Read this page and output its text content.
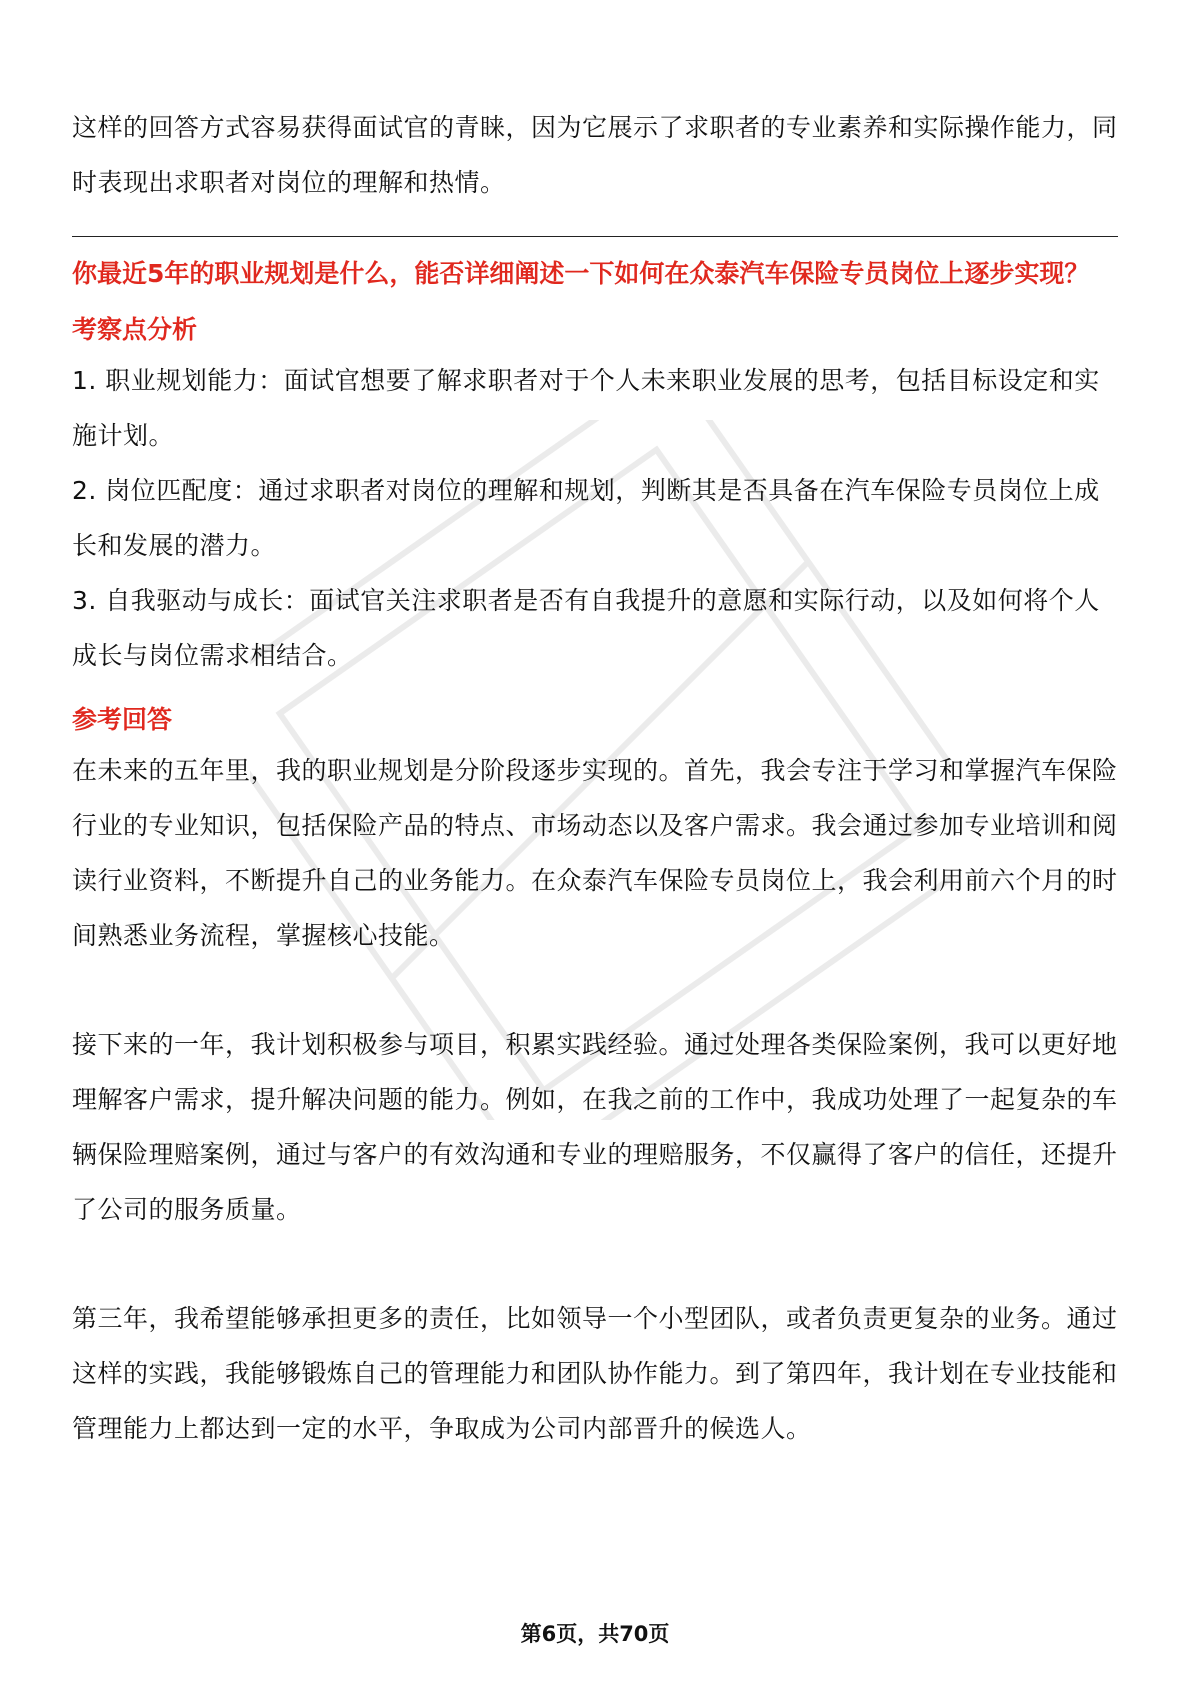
这样的回答方式容易获得面试官的青睐，因为它展示了求职者的专业素养和实际操作能力，同时表现出求职者对岗位的理解和热情。

你最近5年的职业规划是什么，能否详细阐述一下如何在众泰汽车保险专员岗位上逐步实现？

考察点分析

1. 职业规划能力：面试官想要了解求职者对于个人未来职业发展的思考，包括目标设定和实施计划。

2. 岗位匹配度：通过求职者对岗位的理解和规划，判断其是否具备在汽车保险专员岗位上成长和发展的潜力。

3. 自我驱动与成长：面试官关注求职者是否有自我提升的意愿和实际行动，以及如何将个人成长与岗位需求相结合。

参考回答

在未来的五年里，我的职业规划是分阶段逐步实现的。首先，我会专注于学习和掌握汽车保险行业的专业知识，包括保险产品的特点、市场动态以及客户需求。我会通过参加专业培训和阅读行业资料，不断提升自己的业务能力。在众泰汽车保险专员岗位上，我会利用前六个月的时间熟悉业务流程，掌握核心技能。

接下来的一年，我计划积极参与项目，积累实践经验。通过处理各类保险案例，我可以更好地理解客户需求，提升解决问题的能力。例如，在我之前的工作中，我成功处理了一起复杂的车辆保险理赔案例，通过与客户的有效沟通和专业的理赔服务，不仅赢得了客户的信任，还提升了公司的服务质量。

第三年，我希望能够承担更多的责任，比如领导一个小型团队，或者负责更复杂的业务。通过这样的实践，我能够锻炼自己的管理能力和团队协作能力。到了第四年，我计划在专业技能和管理能力上都达到一定的水平，争取成为公司内部晋升的候选人。

第6页，共70页
